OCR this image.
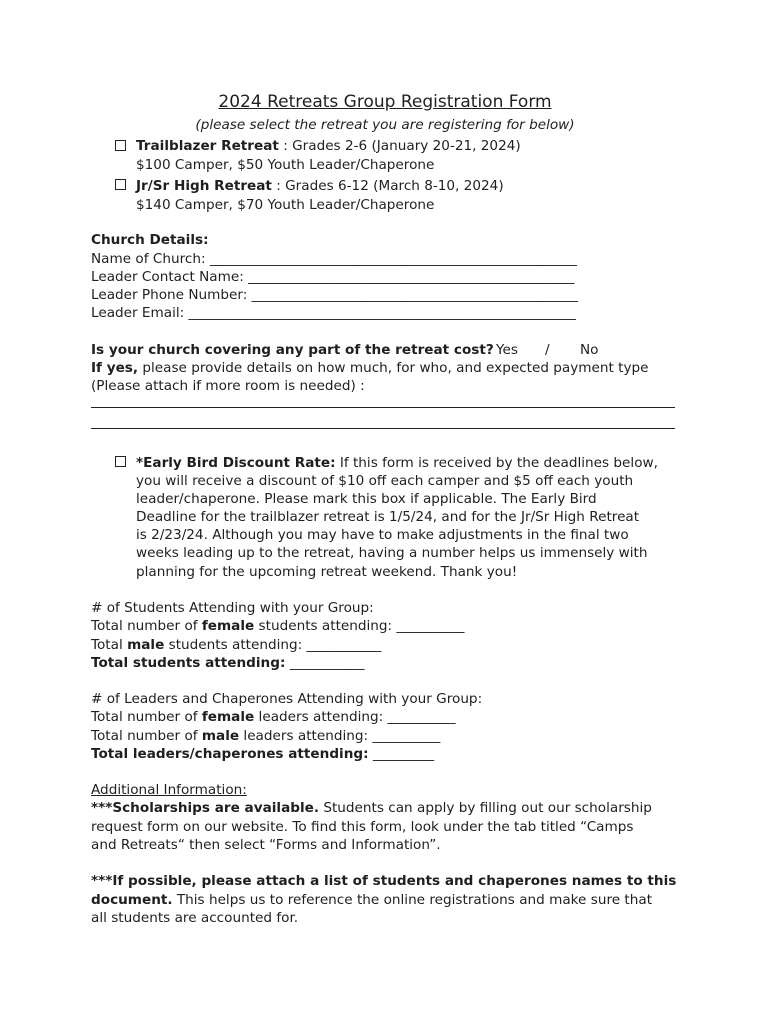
2024 Retreats Group Registration Form
(please select the retreat you are registering for below)
Trailblazer Retreat : Grades 2-6 (January 20-21, 2024)
$100 Camper, $50 Youth Leader/Chaperone
Jr/Sr High Retreat : Grades 6-12 (March 8-10, 2024)
$140 Camper, $70 Youth Leader/Chaperone
Church Details:
Name of Church: ______________________________________________________
Leader Contact Name: ________________________________________________
Leader Phone Number: ________________________________________________
Leader Email: _________________________________________________________
Is your church covering any part of the retreat cost? Yes / No
If yes, please provide details on how much, for who, and expected payment type
(Please attach if more room is needed) :
*Early Bird Discount Rate: If this form is received by the deadlines below,
you will receive a discount of $10 off each camper and $5 off each youth
leader/chaperone. Please mark this box if applicable. The Early Bird
Deadline for the trailblazer retreat is 1/5/24, and for the Jr/Sr High Retreat
is 2/23/24. Although you may have to make adjustments in the final two
weeks leading up to the retreat, having a number helps us immensely with
planning for the upcoming retreat weekend. Thank you!
# of Students Attending with your Group:
Total number of female students attending: __________
Total male students attending: ___________
Total students attending: ___________
# of Leaders and Chaperones Attending with your Group:
Total number of female leaders attending: __________
Total number of male leaders attending: __________
Total leaders/chaperones attending: _________
Additional Information:
***Scholarships are available. Students can apply by filling out our scholarship
request form on our website. To find this form, look under the tab titled “Camps
and Retreats“ then select “Forms and Information”.
***If possible, please attach a list of students and chaperones names to this
document. This helps us to reference the online registrations and make sure that
all students are accounted for.
